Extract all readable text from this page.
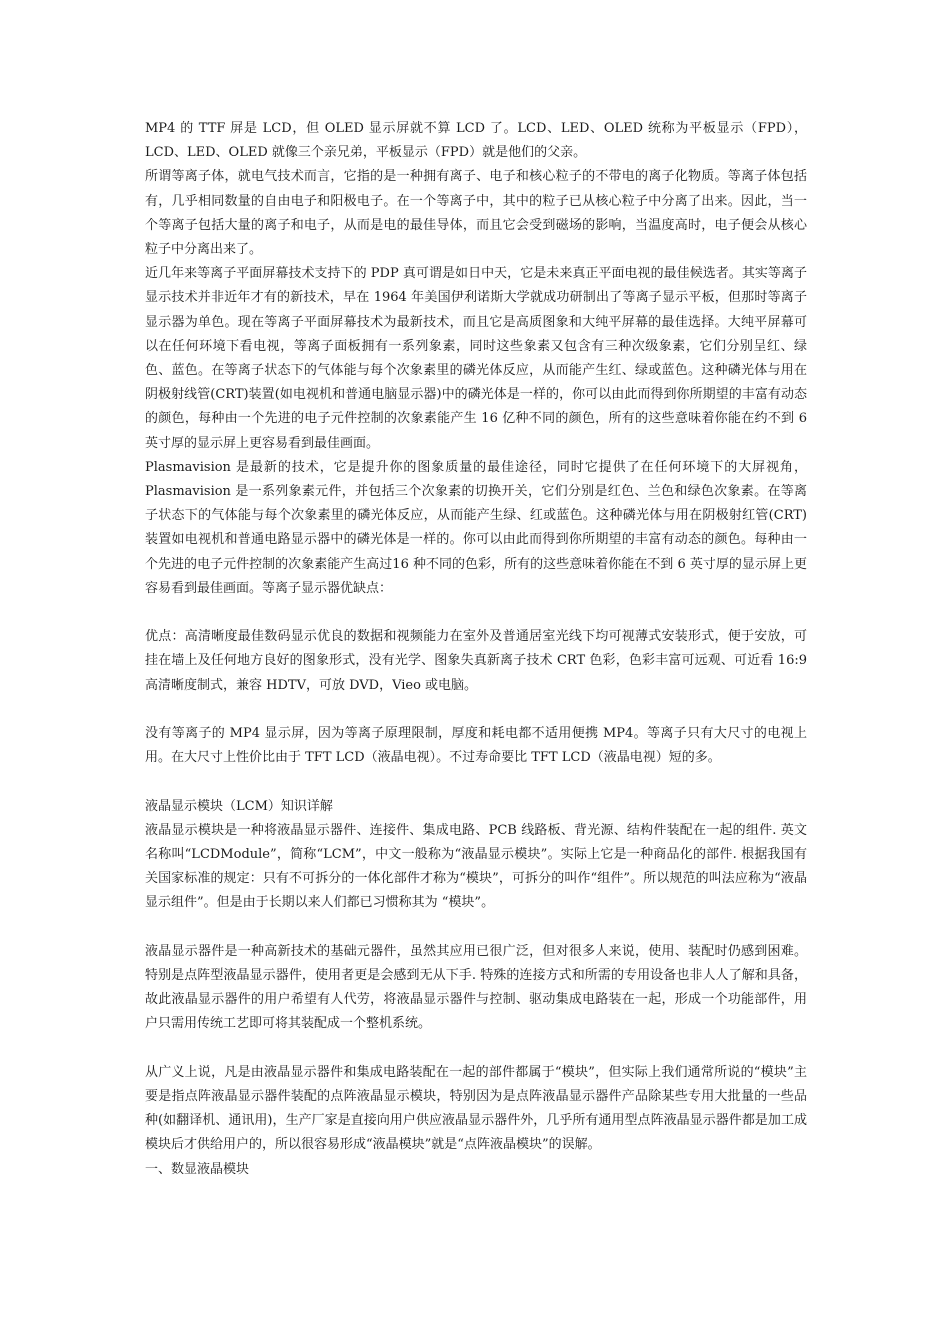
MP4 的 TTF 屏是 LCD，但 OLED 显示屏就不算 LCD 了。LCD、LED、OLED 统称为平板显示（FPD），LCD、LED、OLED 就像三个亲兄弟，平板显示（FPD）就是他们的父亲。

所谓等离子体，就电气技术而言，它指的是一种拥有离子、电子和核心粒子的不带电的离子化物质。等离子体包括有，几乎相同数量的自由电子和阳极电子。在一个等离子中，其中的粒子已从核心粒子中分离了出来。因此，当一个等离子包括大量的离子和电子，从而是电的最佳导体，而且它会受到磁场的影响，当温度高时，电子便会从核心粒子中分离出来了。

近几年来等离子平面屏幕技术支持下的 PDP 真可谓是如日中天，它是未来真正平面电视的最佳候选者。其实等离子显示技术并非近年才有的新技术，早在 1964 年美国伊利诺斯大学就成功研制出了等离子显示平板，但那时等离子显示器为单色。现在等离子平面屏幕技术为最新技术，而且它是高质图象和大纯平屏幕的最佳选择。大纯平屏幕可以在任何环境下看电视，等离子面板拥有一系列象素，同时这些象素又包含有三种次级象素，它们分别呈红、绿色、蓝色。在等离子状态下的气体能与每个次象素里的磷光体反应，从而能产生红、绿或蓝色。这种磷光体与用在阴极射线管(CRT)装置(如电视机和普通电脑显示器)中的磷光体是一样的，你可以由此而得到你所期望的丰富有动态的颜色，每种由一个先进的电子元件控制的次象素能产生 16 亿种不同的颜色，所有的这些意味着你能在约不到 6 英寸厚的显示屏上更容易看到最佳画面。

Plasmavision 是最新的技术，它是提升你的图象质量的最佳途径，同时它提供了在任何环境下的大屏视角，Plasmavision 是一系列象素元件，并包括三个次象素的切换开关，它们分别是红色、兰色和绿色次象素。在等离子状态下的气体能与每个次象素里的磷光体反应，从而能产生绿、红或蓝色。这种磷光体与用在阴极射红管(CRT)装置如电视机和普通电路显示器中的磷光体是一样的。你可以由此而得到你所期望的丰富有动态的颜色。每种由一个先进的电子元件控制的次象素能产生高过16 种不同的色彩，所有的这些意味着你能在不到 6 英寸厚的显示屏上更容易看到最佳画面。等离子显示器优缺点：

优点：高清晰度最佳数码显示优良的数据和视频能力在室外及普通居室光线下均可视薄式安装形式，便于安放，可挂在墙上及任何地方良好的图象形式，没有光学、图象失真新离子技术 CRT 色彩，色彩丰富可远观、可近看 16:9 高清晰度制式，兼容 HDTV，可放 DVD，Vieo 或电脑。

没有等离子的 MP4 显示屏，因为等离子原理限制，厚度和耗电都不适用便携 MP4。等离子只有大尺寸的电视上用。在大尺寸上性价比由于 TFT LCD（液晶电视）。不过寿命要比 TFT LCD（液晶电视）短的多。

液晶显示模块（LCM）知识详解

液晶显示模块是一种将液晶显示器件、连接件、集成电路、PCB 线路板、背光源、结构件装配在一起的组件. 英文名称叫“LCDModule”，简称“LCM”，中文一般称为“液晶显示模块”。实际上它是一种商品化的部件. 根据我国有关国家标准的规定：只有不可拆分的一体化部件才称为“模块”，可拆分的叫作“组件”。所以规范的叫法应称为“液晶显示组件”。但是由于长期以来人们都已习惯称其为 “模块”。

液晶显示器件是一种高新技术的基础元器件，虽然其应用已很广泛，但对很多人来说，使用、装配时仍感到困难。特别是点阵型液晶显示器件，使用者更是会感到无从下手. 特殊的连接方式和所需的专用设备也非人人了解和具备，故此液晶显示器件的用户希望有人代劳，将液晶显示器件与控制、驱动集成电路装在一起，形成一个功能部件，用户只需用传统工艺即可将其装配成一个整机系统。

从广义上说，凡是由液晶显示器件和集成电路装配在一起的部件都属于“模块”，但实际上我们通常所说的“模块”主要是指点阵液晶显示器件装配的点阵液晶显示模块，特别因为是点阵液晶显示器件产品除某些专用大批量的一些品种(如翻译机、通讯用)，生产厂家是直接向用户供应液晶显示器件外，几乎所有通用型点阵液晶显示器件都是加工成模块后才供给用户的，所以很容易形成“液晶模块”就是“点阵液晶模块”的误解。

一、数显液晶模块
